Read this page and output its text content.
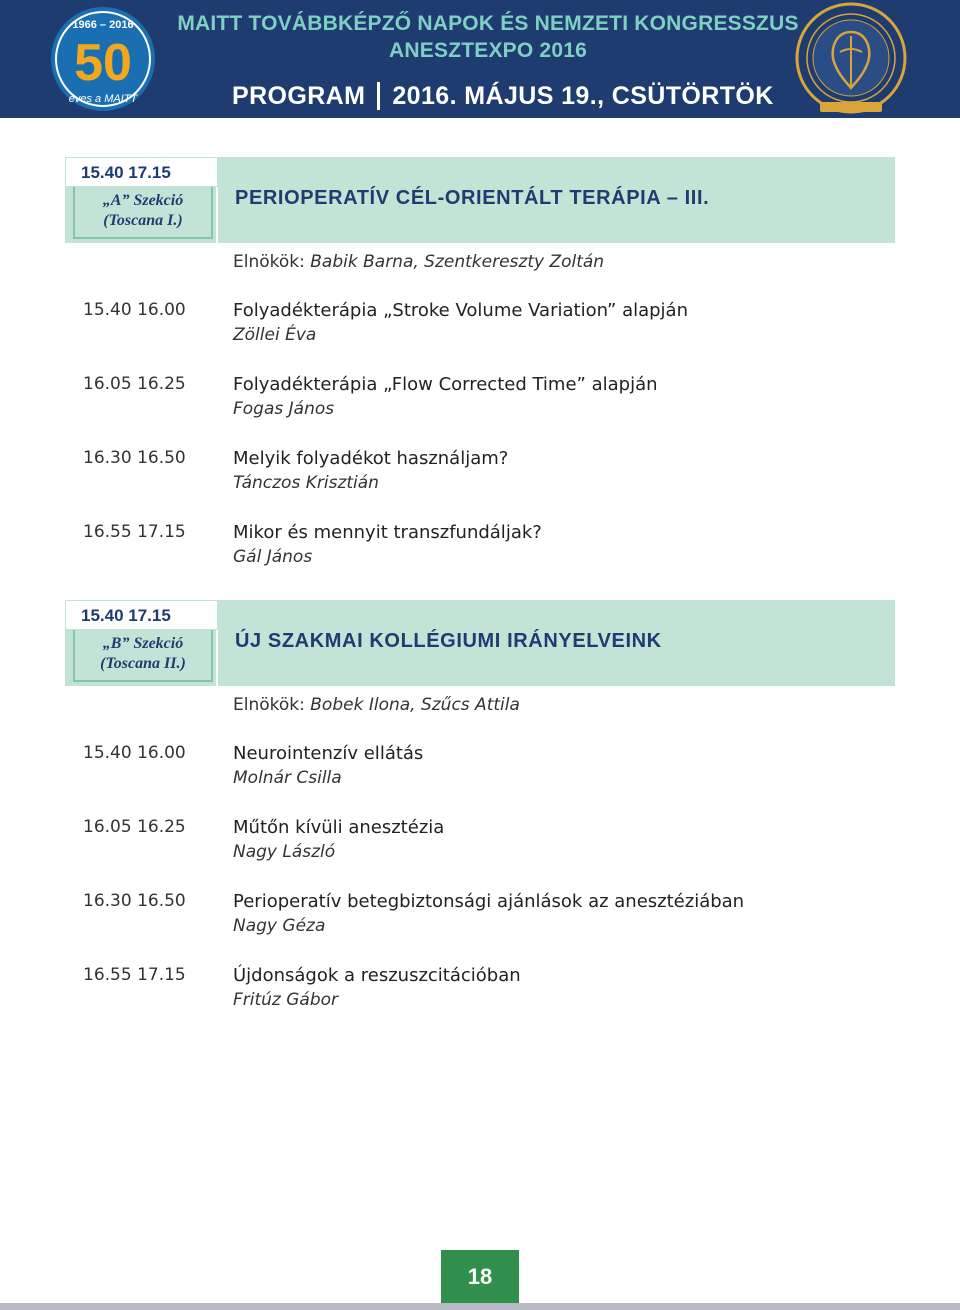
1966 – 2016
50
éves a MAITT
MAITT TOVÁBBKÉPZŐ NAPOK ÉS NEMZETI KONGRESSZUS
ANESZTEXPO 2016
PROGRAM 2016. MÁJUS 19., CSÜTÖRTÖK
15.40 17.15
„A” Szekció
(Toscana I.)
PERIOPERATÍV CÉL-ORIENTÁLT TERÁPIA – III.
Elnökök: Babik Barna, Szentkereszty Zoltán
15.40 16.00	Folyadékterápia „Stroke Volume Variation” alapján
Zöllei Éva
16.05 16.25	Folyadékterápia „Flow Corrected Time” alapján
Fogas János
16.30 16.50	Melyik folyadékot használjam?
Tánczos Krisztián
16.55 17.15	Mikor és mennyit transzfundáljak?
Gál János
15.40 17.15
„B” Szekció
(Toscana II.)
ÚJ SZAKMAI KOLLÉGIUMI IRÁNYELVEINK
Elnökök: Bobek Ilona, Szűcs Attila
15.40 16.00	Neurointenzív ellátás
Molnár Csilla
16.05 16.25	Műtőn kívüli anesztézia
Nagy László
16.30 16.50	Perioperatív betegbiztonsági ajánlások az anesztéziában
Nagy Géza
16.55 17.15	Újdonságok a reszuszcitációban
Fritúz Gábor
18
